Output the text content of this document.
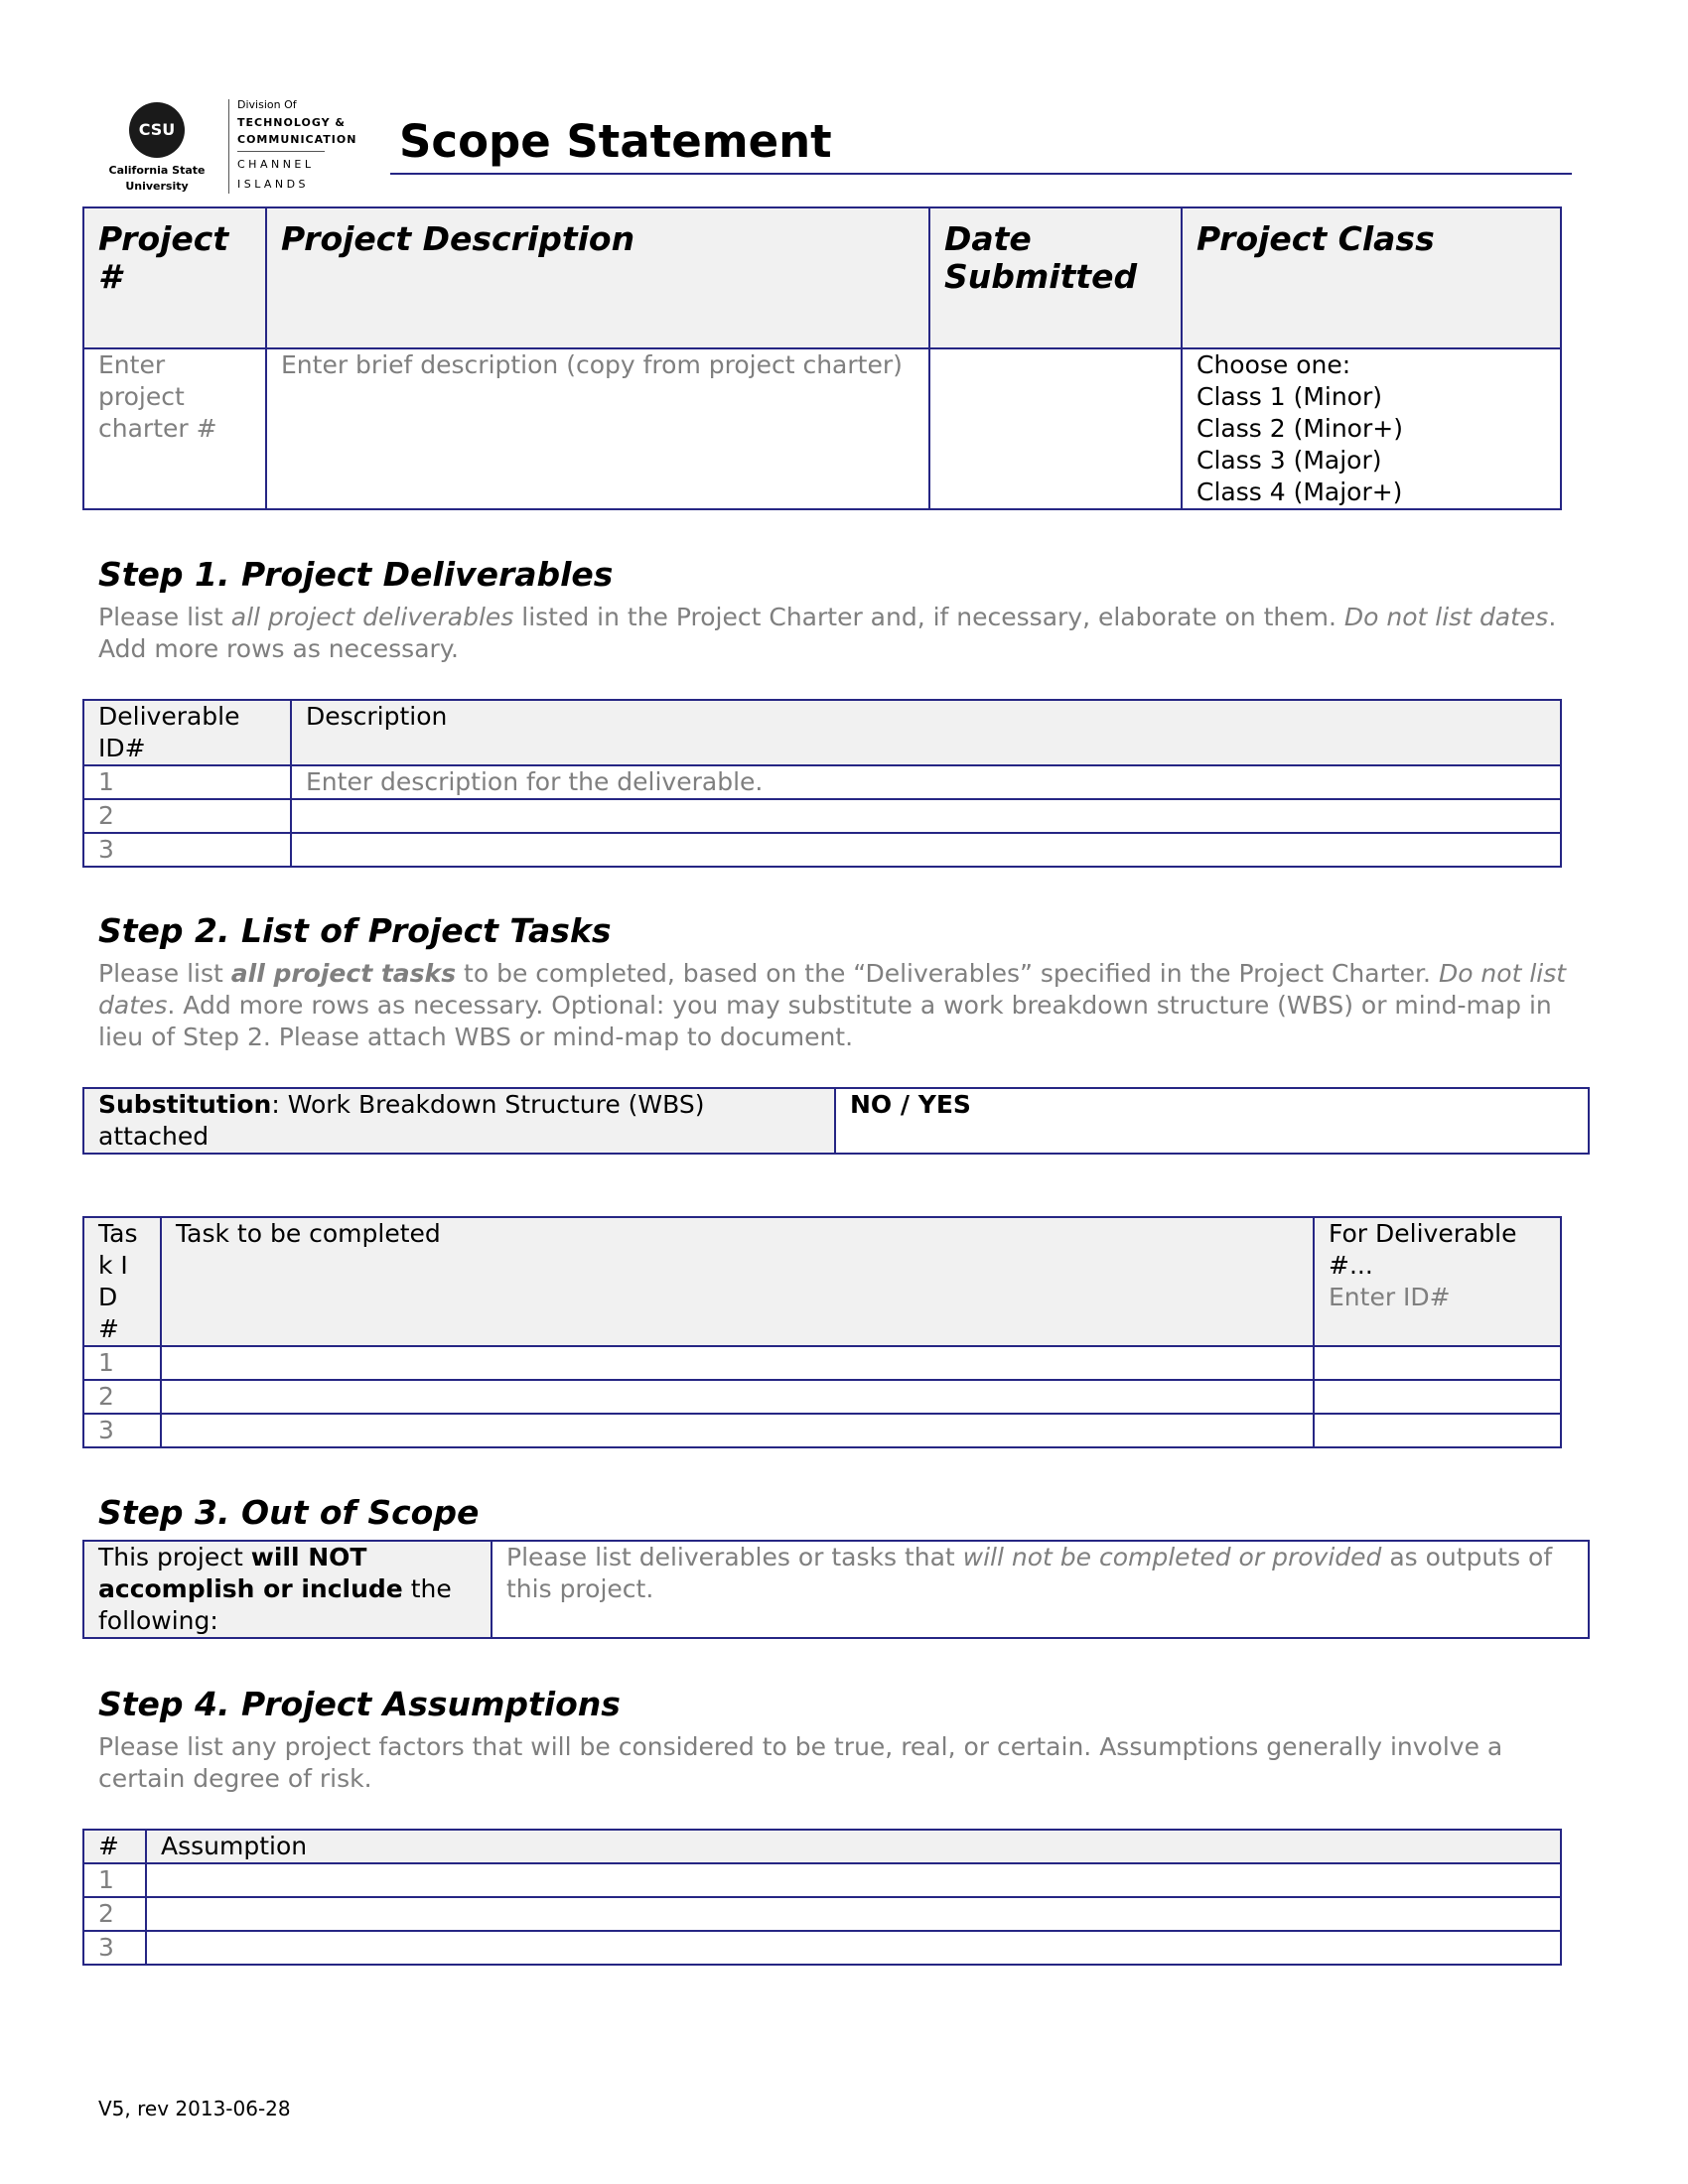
CSU
California State
University
Division Of
TECHNOLOGY &
COMMUNICATION
C H A N N E L
I S L A N D S
Scope Statement
Project #	Project Description	Date Submitted	Project Class
Enter project charter #	Enter brief description (copy from project charter)		Choose one:
Class 1 (Minor)
Class 2 (Minor+)
Class 3 (Major)
Class 4 (Major+)
Step 1. Project Deliverables
Please list all project deliverables listed in the Project Charter and, if necessary, elaborate on them. Do not list dates. Add more rows as necessary.
Deliverable ID#	Description
1	Enter description for the deliverable.
2	
3	
Step 2. List of Project Tasks
Please list all project tasks to be completed, based on the “Deliverables” specified in the Project Charter. Do not list dates. Add more rows as necessary. Optional: you may substitute a work breakdown structure (WBS) or mind-map in lieu of Step 2. Please attach WBS or mind-map to document.
Substitution: Work Breakdown Structure (WBS) attached	NO / YES
Task ID #	Task to be completed	For Deliverable #...
Enter ID#

1		
2		
3		
Step 3. Out of Scope
This project will NOT accomplish or include the following:	Please list deliverables or tasks that will not be completed or provided as outputs of this project.
Step 4. Project Assumptions
Please list any project factors that will be considered to be true, real, or certain. Assumptions generally involve a certain degree of risk.
#	Assumption
1	
2	
3	
V5, rev 2013-06-28
